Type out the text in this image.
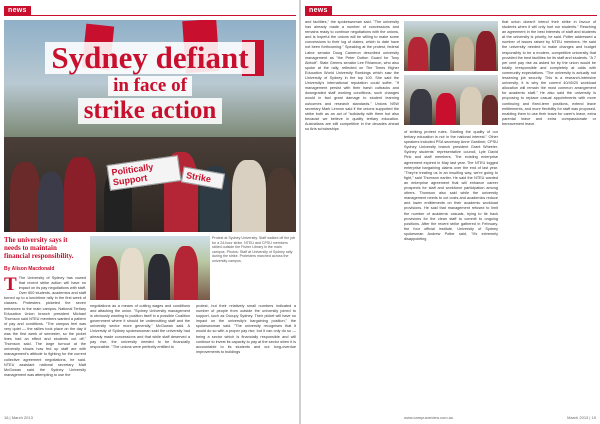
news
Politically Support	Strike
Sydney defiant
in face of
strike action
The university says it needs to maintain financial responsibility.
By Alison Macdonald
Protest at Sydney University. Staff walked off the job for a 24-hour strike. NTEU and CPSU members rallied outside the Fisher Library in the main campus. Photos: Staff at University of Sydney rally during the strike. Protesters marched across the university campus.
T The University of Sydney has vowed that recent strike action will have no impact on its pay negotiations with staff. Over 600 students, academics and staff turned up to a lunchtime rally in the first week of classes. Protesters picketed the seven entrances to the main campus. National Tertiary Education Union branch president Michael Thomson said NTEU members wanted a pattern of pay and conditions. "The campus feel was very quiet — the rallies took place on the day it was the first week of semester, so the picket lines had an effect and students cut off," Thomson said. The large turnout at the university shows how fed up staff are with management's attitude to fighting for the current collective agreement negotiations, he said. NTEU assistant national secretary Matt McGowan said the Sydney University management was attempting to use the
negotiations as a means of cutting wages and conditions and attacking the union. "Sydney University management is obviously wanting to position itself in a possible Coalition government where it should be undercutting staff and the university sector more generally," McGowan said. A University of Sydney spokeswoman said the university had already made concessions and that while staff deserved a pay rise, the university needed to be financially responsible. "The unions were perfectly entitled to
protest, but their relatively small numbers indicated a number of people from outside the university joined to support, such as Occupy Sydney. Their picket will have no impact on the university's bargaining position," the spokeswoman said. "The university recognises that it would do so with a proper pay rise, but it can only do so — being a sector which is financially responsible and will continue to invest its capacity to pay at the sector when it is accountable to its students and our long-overdue improvements to buildings
18 | March 2013
news
and facilities," the spokeswoman said. "The university has already made a number of concessions and remains ready to continue negotiations with the unions, and is hopeful the unions will be willing to make some concessions to their log of claims, which to date have not been forthcoming." Speaking at the protest, federal Labor senator Doug Cameron described university management as "the Peter Dutton Guard for Tony Abbott". State Greens senator Lee Rhiannon, who also spoke at the rally, reflected on The Times Higher Education World University Rankings which saw the University of Sydney in the top 100. She said the University's international reputation could suffer. "If management persist with their harsh cutbacks and downgraded staff working conditions, such changes would in fact great damage to student learning outcomes and research standards." Unions NSW secretary Mark Lennon said if the unions supported the strike both as an act of "solidarity with them but also because we believe in quality tertiary education. Australians are still competitive in the decades ahead so Arts scholarships
of striking protest rules. Starting the quality of our tertiary education is not in the national interest." Other speakers included PSA secretary Anne Gardiner, CPSU Sydney University branch president Grant Wheeler, Sydney students' representative council, Lyle David Pink and staff members. The existing enterprise agreement expired in May last year. The NTEU logged enterprise bargaining claims over the end of last year. "They're treating us in an insulting way, we're going to fight," said Thomson earlier. He said the NTEU wanted an enterprise agreement that will enhance career prospects for staff and workforce participation among others. Thomson also said while the university management needs to cut costs and academics reduce and lower entitlements on their academic workload provisions. He said that management refused to limit the number of academic casuals, trying to tie back provisions for the clean staff to commit to ongoing positions. After the recent strike gathered in February, the four official institute, University of Sydney spokesman Andrew Potter said, "It's extremely disappointing
that union doesn't intend their strike in favour of students when it will only hurt our students." Reaching an agreement in the best interests of staff and students at the university is priority, he said. Potter addressed a number of issues raised by NTEU members. He said the university needed to make changes and budget responsibly to be a modern, competitive university that provided the best facilities for its staff and students. "A 7 per cent pay rise as asked for by the union would be totally irresponsible and completely at odds with community expectations. "The university is actually not lessening job security. This is a research-intensive university, it is why the current 40/40/20 workload allocation will remain the most common arrangement for academic staff." He also said the university is proposing to replace casual appointments with more continuing and fixed-term positions, extend leave entitlements, and more flexibility for staff was proposed, enabling them to use their leave for carer's leave, extra parental leave and extra compassionate or bereavement leave.
www.campusreview.com.au	March 2013 | 19
